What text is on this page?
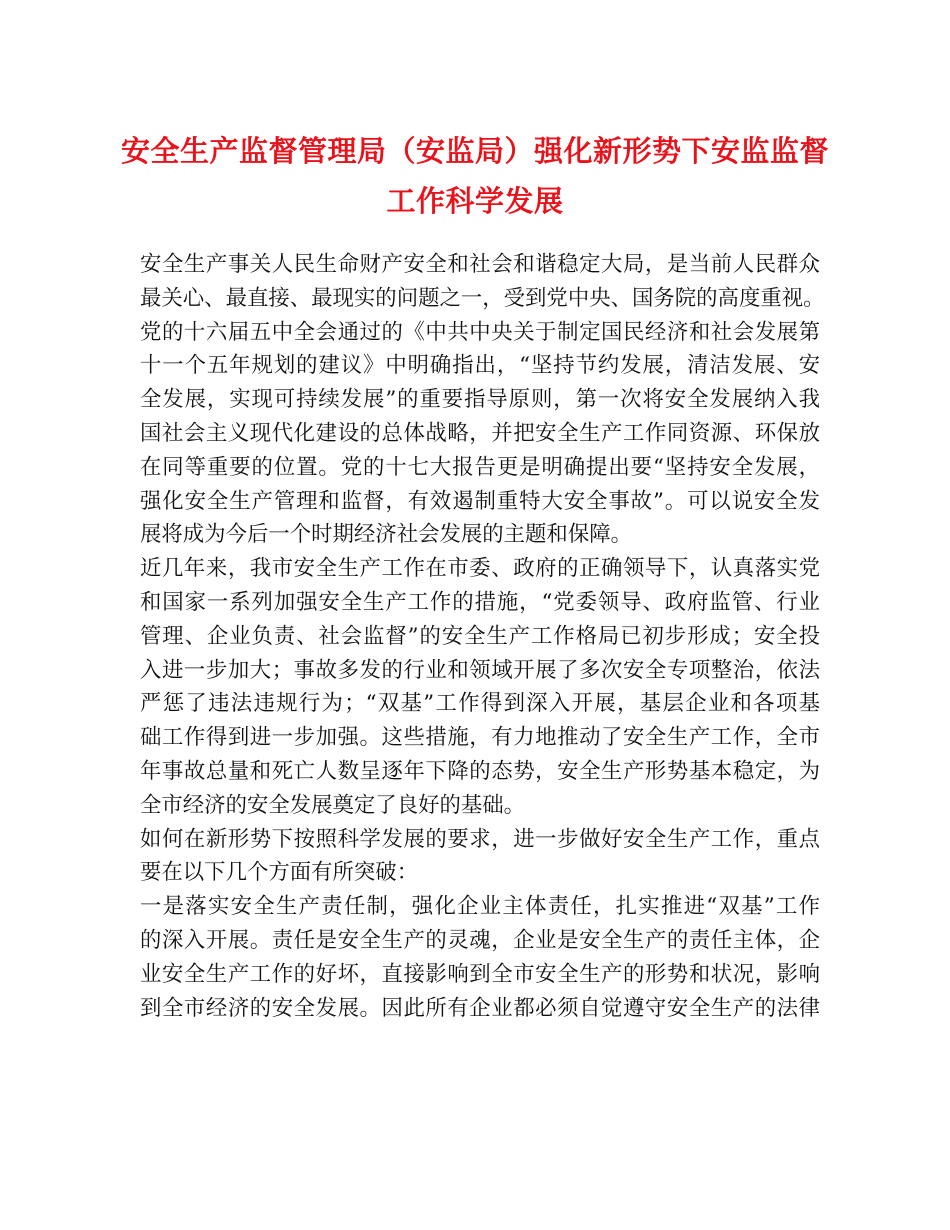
安全生产监督管理局（安监局）强化新形势下安监监督
工作科学发展
安全生产事关人民生命财产安全和社会和谐稳定大局，是当前人民群众
最关心、最直接、最现实的问题之一，受到党中央、国务院的高度重视。
党的十六届五中全会通过的《中共中央关于制定国民经济和社会发展第
十一个五年规划的建议》中明确指出，“坚持节约发展，清洁发展、安
全发展，实现可持续发展”的重要指导原则，第一次将安全发展纳入我
国社会主义现代化建设的总体战略，并把安全生产工作同资源、环保放
在同等重要的位置。党的十七大报告更是明确提出要“坚持安全发展，
强化安全生产管理和监督，有效遏制重特大安全事故”。可以说安全发
展将成为今后一个时期经济社会发展的主题和保障。
近几年来，我市安全生产工作在市委、政府的正确领导下，认真落实党
和国家一系列加强安全生产工作的措施，“党委领导、政府监管、行业
管理、企业负责、社会监督”的安全生产工作格局已初步形成；安全投
入进一步加大；事故多发的行业和领域开展了多次安全专项整治，依法
严惩了违法违规行为；“双基”工作得到深入开展，基层企业和各项基
础工作得到进一步加强。这些措施，有力地推动了安全生产工作，全市
年事故总量和死亡人数呈逐年下降的态势，安全生产形势基本稳定，为
全市经济的安全发展奠定了良好的基础。
如何在新形势下按照科学发展的要求，进一步做好安全生产工作，重点
要在以下几个方面有所突破：
一是落实安全生产责任制，强化企业主体责任，扎实推进“双基”工作
的深入开展。责任是安全生产的灵魂，企业是安全生产的责任主体，企
业安全生产工作的好坏，直接影响到全市安全生产的形势和状况，影响
到全市经济的安全发展。因此所有企业都必须自觉遵守安全生产的法律
